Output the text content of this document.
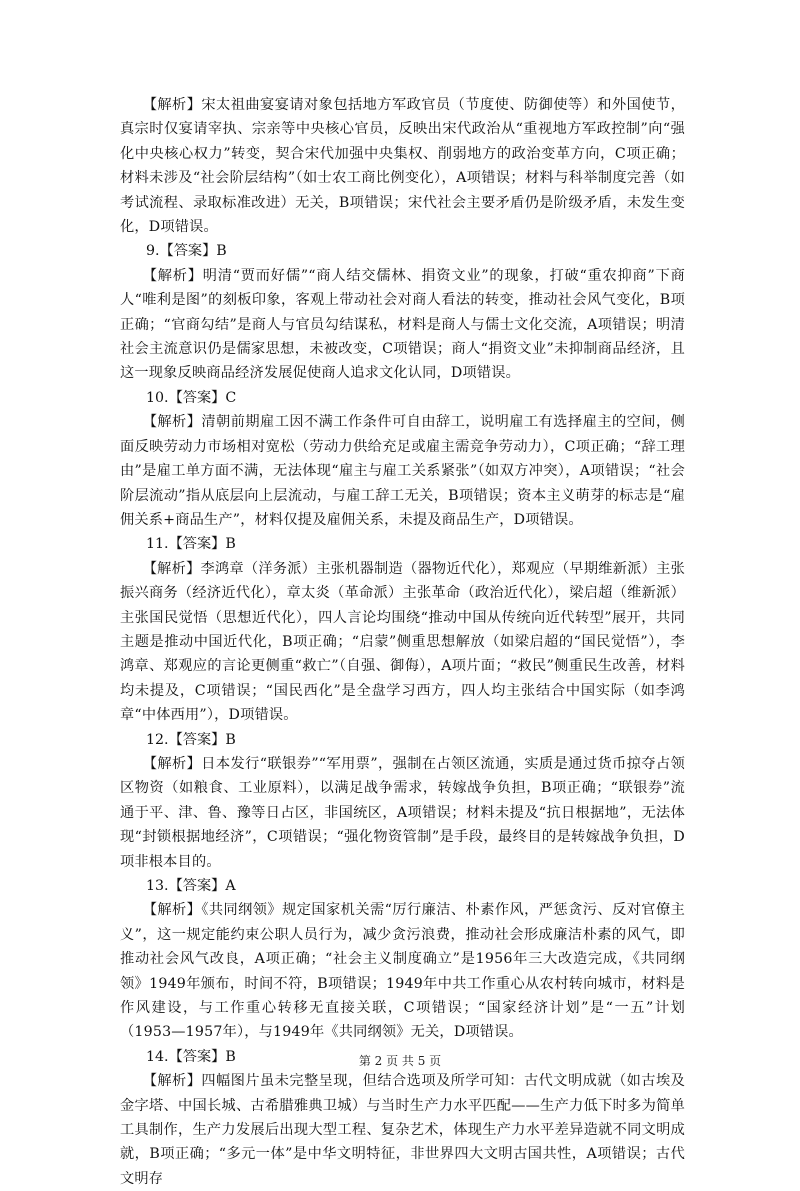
【解析】宋太祖曲宴宴请对象包括地方军政官员（节度使、防御使等）和外国使节，真宗时仅宴请宰执、宗亲等中央核心官员，反映出宋代政治从“重视地方军政控制”向“强化中央核心权力”转变，契合宋代加强中央集权、削弱地方的政治变革方向，C项正确；材料未涉及“社会阶层结构”（如士农工商比例变化），A项错误；材料与科举制度完善（如考试流程、录取标准改进）无关，B项错误；宋代社会主要矛盾仍是阶级矛盾，未发生变化，D项错误。

9.【答案】B

【解析】明清“贾而好儒”“商人结交儒林、捐资文业”的现象，打破“重农抑商”下商人“唯利是图”的刻板印象，客观上带动社会对商人看法的转变，推动社会风气变化，B项正确；“官商勾结”是商人与官员勾结谋私，材料是商人与儒士文化交流，A项错误；明清社会主流意识仍是儒家思想，未被改变，C项错误；商人“捐资文业”未抑制商品经济，且这一现象反映商品经济发展促使商人追求文化认同，D项错误。

10.【答案】C

【解析】清朝前期雇工因不满工作条件可自由辞工，说明雇工有选择雇主的空间，侧面反映劳动力市场相对宽松（劳动力供给充足或雇主需竞争劳动力），C项正确；“辞工理由”是雇工单方面不满，无法体现“雇主与雇工关系紧张”（如双方冲突），A项错误；“社会阶层流动”指从底层向上层流动，与雇工辞工无关，B项错误；资本主义萌芽的标志是“雇佣关系+商品生产”，材料仅提及雇佣关系，未提及商品生产，D项错误。

11.【答案】B

【解析】李鸿章（洋务派）主张机器制造（器物近代化），郑观应（早期维新派）主张振兴商务（经济近代化），章太炎（革命派）主张革命（政治近代化），梁启超（维新派）主张国民觉悟（思想近代化），四人言论均围绕“推动中国从传统向近代转型”展开，共同主题是推动中国近代化，B项正确；“启蒙”侧重思想解放（如梁启超的“国民觉悟”），李鸿章、郑观应的言论更侧重“救亡”（自强、御侮），A项片面；“救民”侧重民生改善，材料均未提及，C项错误；“国民西化”是全盘学习西方，四人均主张结合中国实际（如李鸿章“中体西用”），D项错误。

12.【答案】B

【解析】日本发行“联银券”“军用票”，强制在占领区流通，实质是通过货币掠夺占领区物资（如粮食、工业原料），以满足战争需求，转嫁战争负担，B项正确；“联银券”流通于平、津、鲁、豫等日占区，非国统区，A项错误；材料未提及“抗日根据地”，无法体现“封锁根据地经济”，C项错误；“强化物资管制”是手段，最终目的是转嫁战争负担，D项非根本目的。

13.【答案】A

【解析】《共同纲领》规定国家机关需“厉行廉洁、朴素作风，严惩贪污、反对官僚主义”，这一规定能约束公职人员行为，减少贪污浪费，推动社会形成廉洁朴素的风气，即推动社会风气改良，A项正确；“社会主义制度确立”是1956年三大改造完成，《共同纲领》1949年颁布，时间不符，B项错误；1949年中共工作重心从农村转向城市，材料是作风建设，与工作重心转移无直接关联，C项错误；“国家经济计划”是“一五”计划（1953—1957年），与1949年《共同纲领》无关，D项错误。

14.【答案】B

【解析】四幅图片虽未完整呈现，但结合选项及所学可知：古代文明成就（如古埃及金字塔、中国长城、古希腊雅典卫城）与当时生产力水平匹配——生产力低下时多为简单工具制作，生产力发展后出现大型工程、复杂艺术，体现生产力水平差异造就不同文明成就，B项正确；“多元一体”是中华文明特征，非世界四大文明古国共性，A项错误；古代文明存

第 2 页 共 5 页
